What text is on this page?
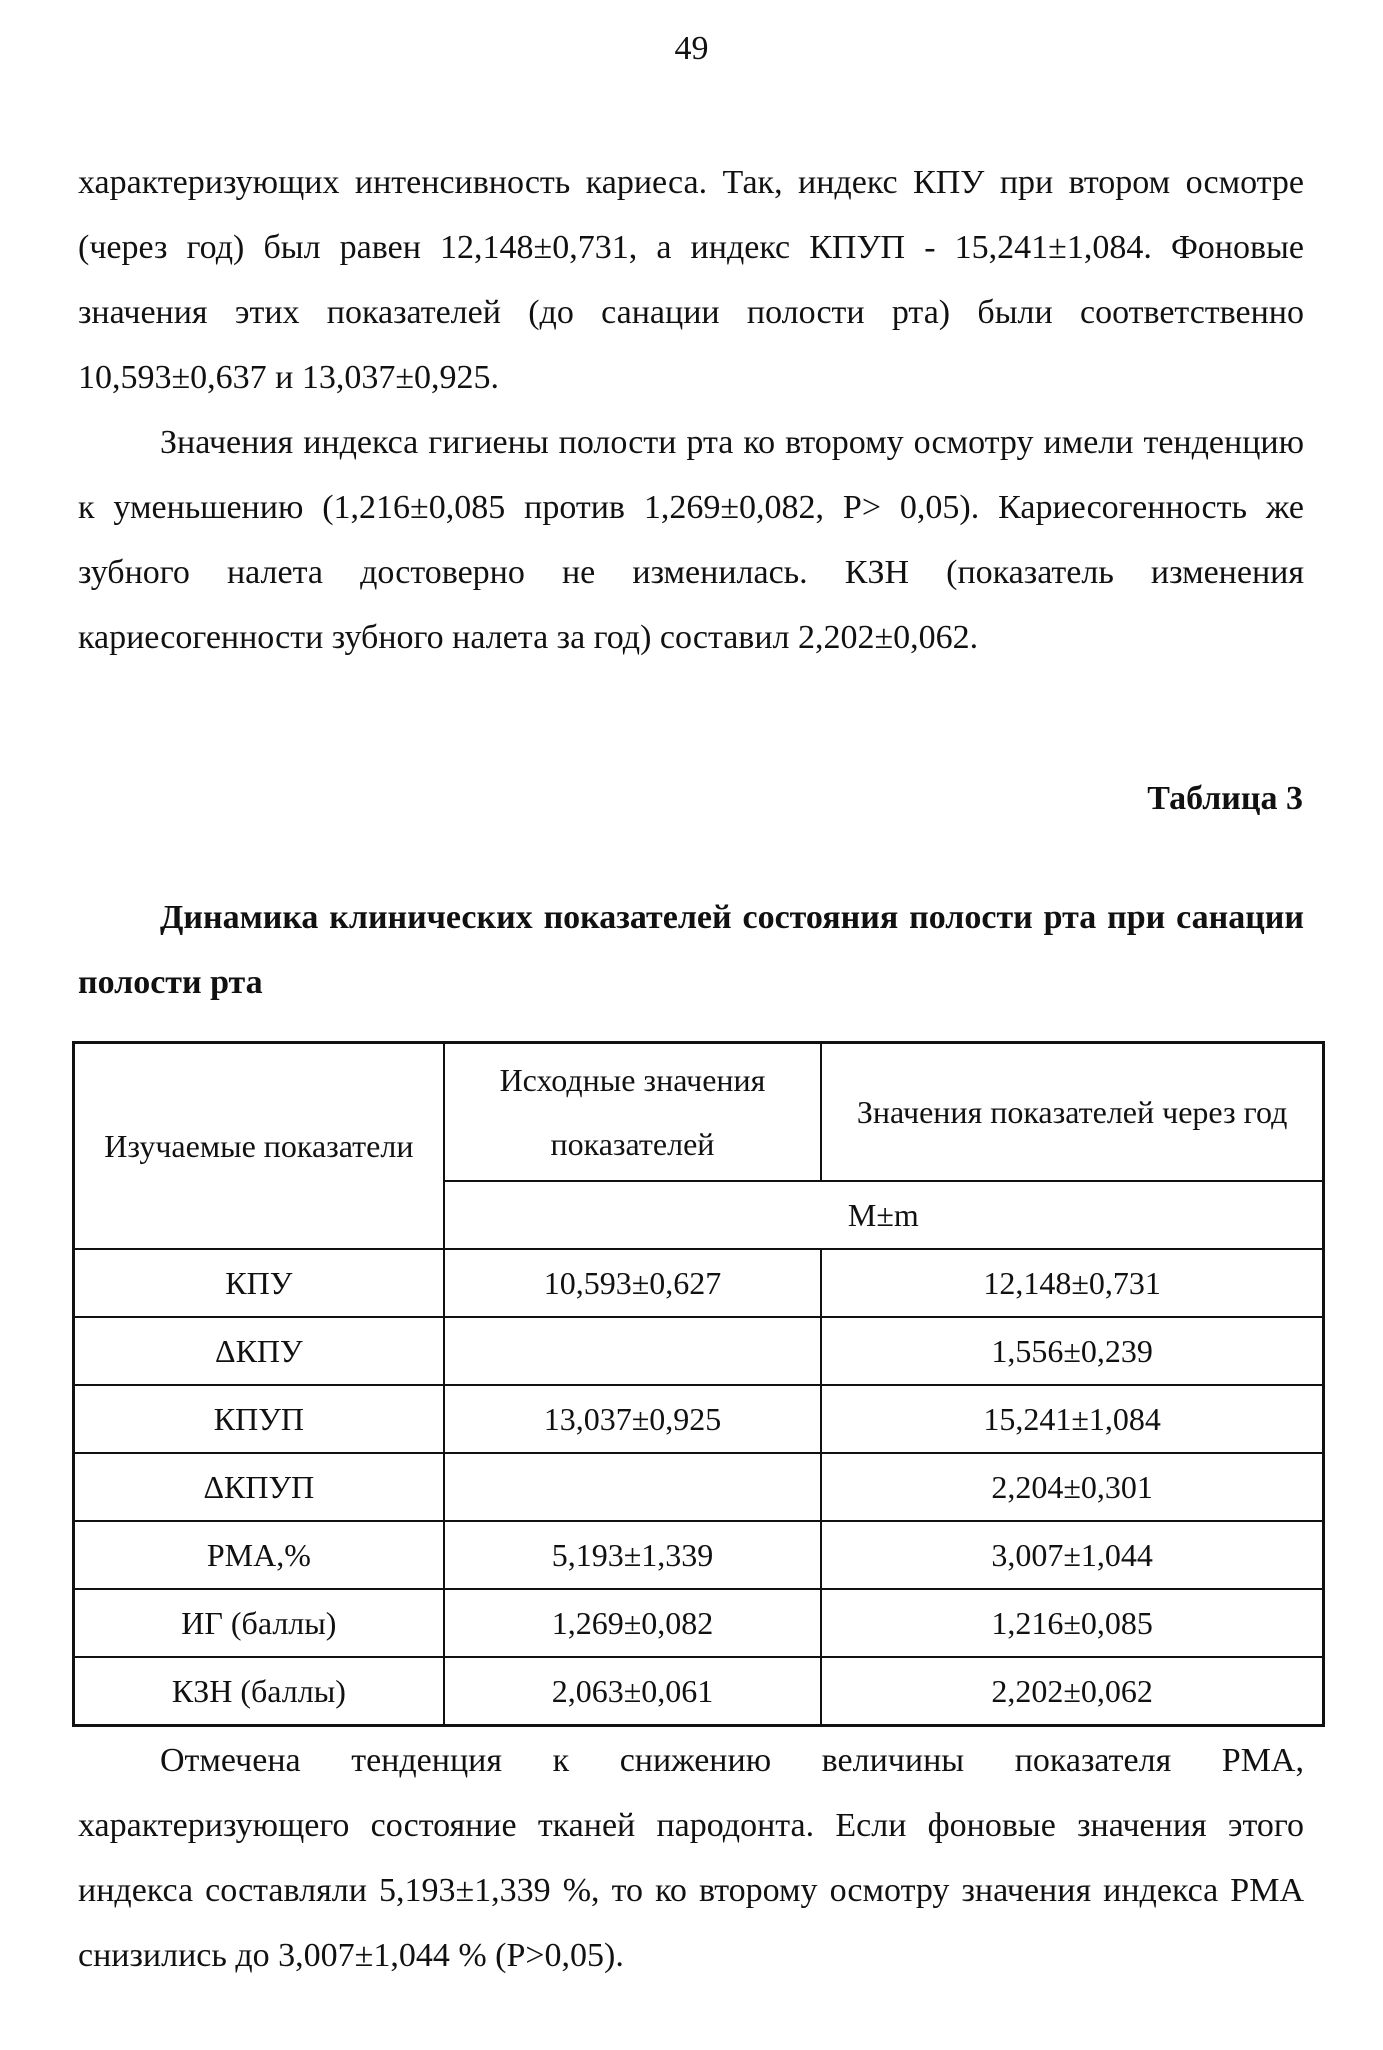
49

характеризующих интенсивность кариеса. Так, индекс КПУ при втором осмотре (через год) был равен 12,148±0,731, а индекс КПУП - 15,241±1,084. Фоновые значения этих показателей (до санации полости рта) были соответственно 10,593±0,637 и 13,037±0,925.

Значения индекса гигиены полости рта ко второму осмотру имели тенденцию к уменьшению (1,216±0,085 против 1,269±0,082, P> 0,05). Кариесогенность же зубного налета достоверно не изменилась. КЗН (показатель изменения кариесогенности зубного налета за год) составил 2,202±0,062.

Таблица 3

Динамика клинических показателей состояния полости рта при санации полости рта

Изучаемые показатели	Исходные значения показателей	Значения показателей через год
	M±m	
КПУ	10,593±0,627	12,148±0,731
ΔКПУ		1,556±0,239
КПУП	13,037±0,925	15,241±1,084
ΔКПУП		2,204±0,301
РМА,%	5,193±1,339	3,007±1,044
ИГ (баллы)	1,269±0,082	1,216±0,085
КЗН (баллы)	2,063±0,061	2,202±0,062

Отмечена тенденция к снижению величины показателя РМА, характеризующего состояние тканей пародонта. Если фоновые значения этого индекса составляли 5,193±1,339 %, то ко второму осмотру значения индекса РМА снизились до 3,007±1,044 % (P>0,05).
